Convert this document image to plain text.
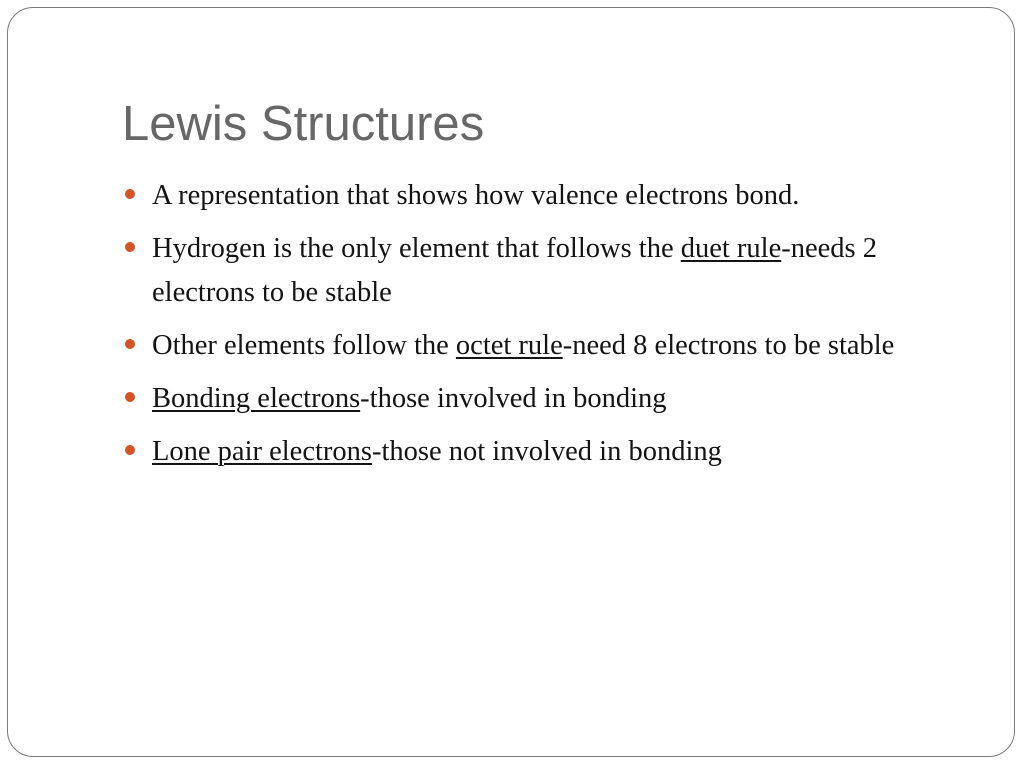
Lewis Structures
A representation that shows how valence electrons bond.
Hydrogen is the only element that follows the duet rule-needs 2 electrons to be stable
Other elements follow the octet rule-need 8 electrons to be stable
Bonding electrons-those involved in bonding
Lone pair electrons-those not involved in bonding
